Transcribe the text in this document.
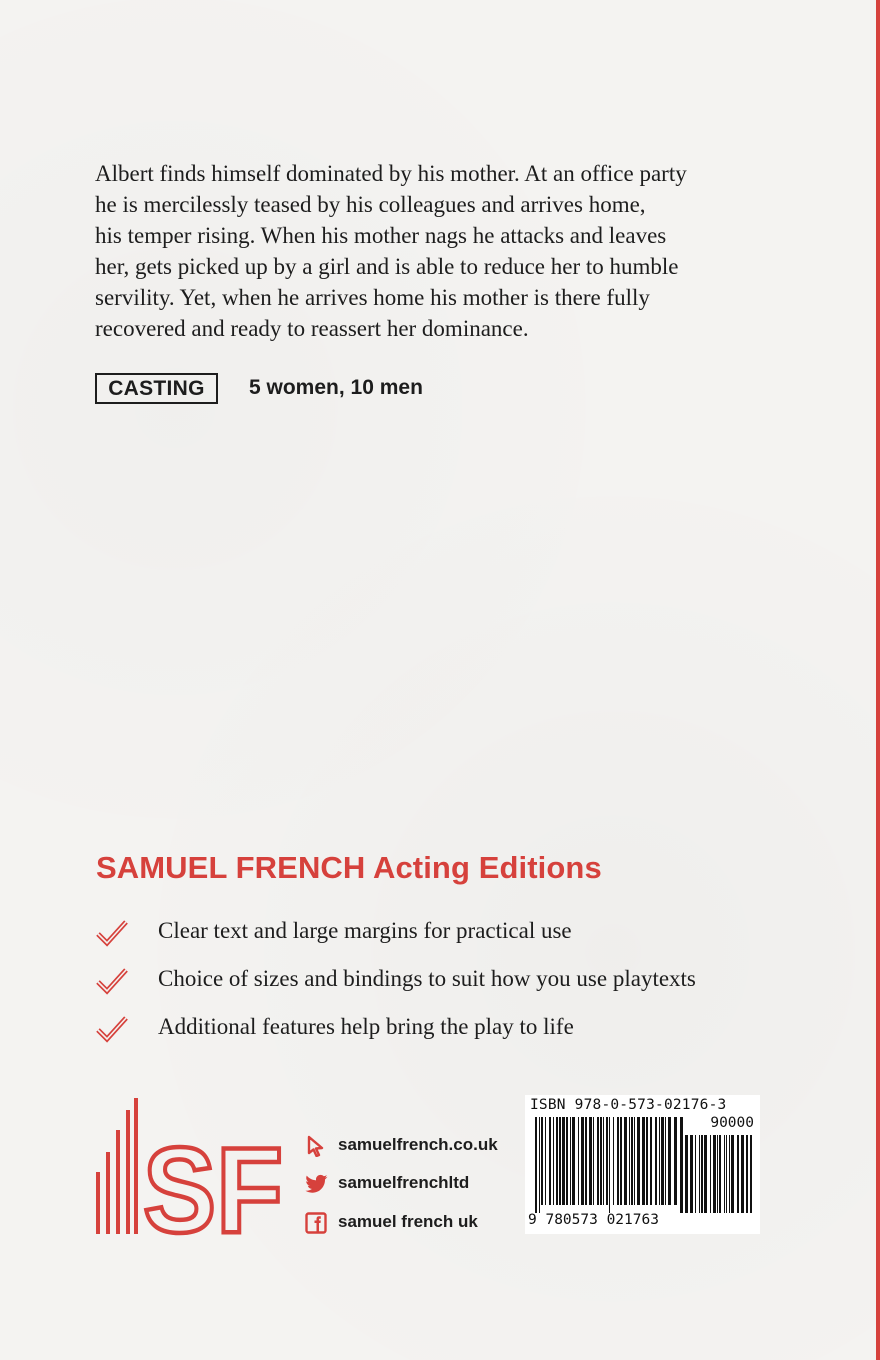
Albert finds himself dominated by his mother. At an office party
he is mercilessly teased by his colleagues and arrives home,
his temper rising. When his mother nags he attacks and leaves
her, gets picked up by a girl and is able to reduce her to humble
servility. Yet, when he arrives home his mother is there fully
recovered and ready to reassert her dominance.

CASTING	5 women, 10 men
SAMUEL FRENCH Acting Editions
Clear text and large margins for practical use
Choice of sizes and bindings to suit how you use playtexts
Additional features help bring the play to life
SF	samuelfrench.co.uk
samuelfrenchltd
samuel french uk
ISBN 978-0-573-02176-3
90000
9 780573 021763
